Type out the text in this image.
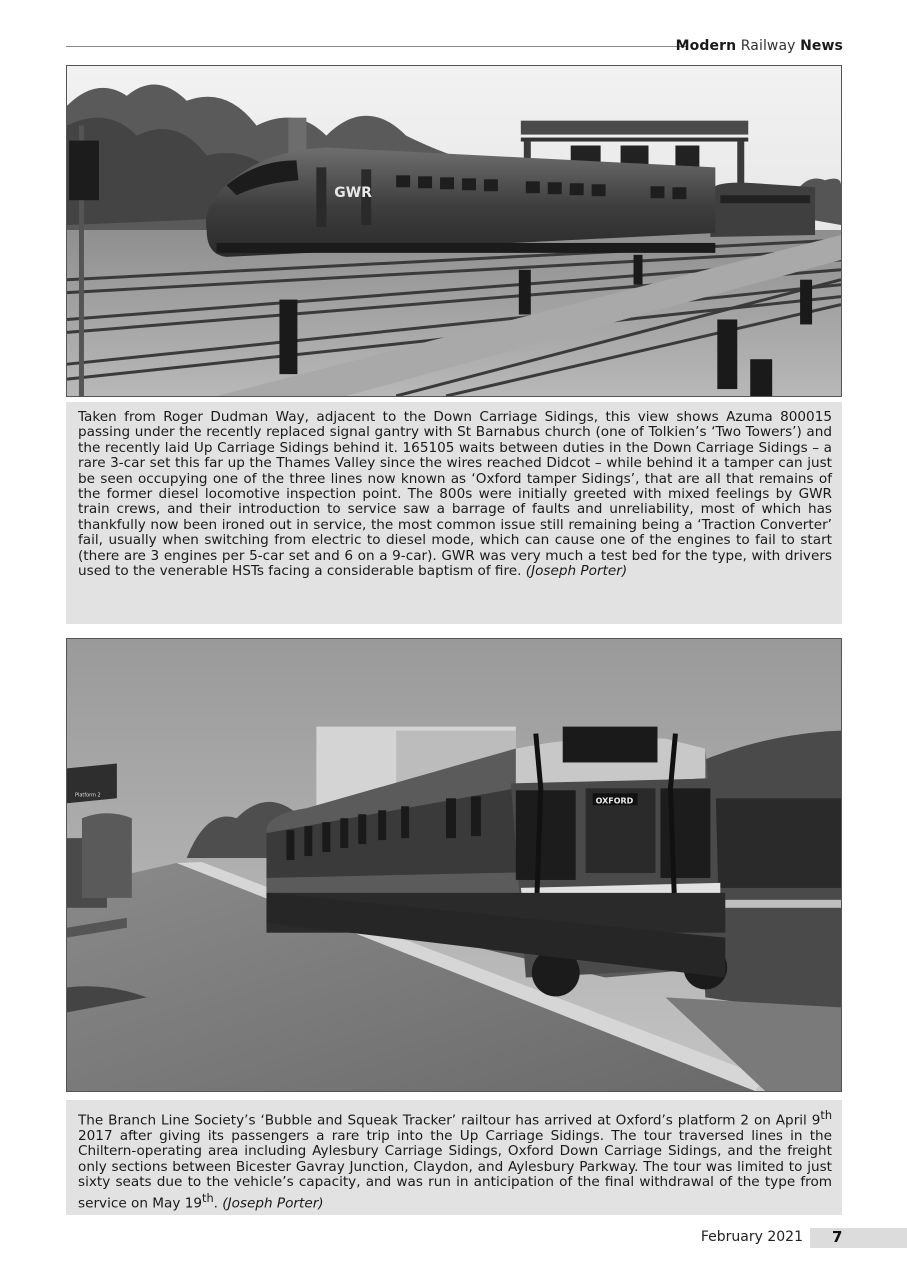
Modern Railway News
GWR
Taken from Roger Dudman Way, adjacent to the Down Carriage Sidings, this view shows Azuma 800015 passing under the recently replaced signal gantry with St Barnabus church (one of Tolkien’s ‘Two Towers’) and the recently laid Up Carriage Sidings behind it. 165105 waits between duties in the Down Carriage Sidings – a rare 3-car set this far up the Thames Valley since the wires reached Didcot – while behind it a tamper can just be seen occupying one of the three lines now known as ‘Oxford tamper Sidings’, that are all that remains of the former diesel locomotive inspection point. The 800s were initially greeted with mixed feelings by GWR train crews, and their introduction to service saw a barrage of faults and unreliability, most of which has thankfully now been ironed out in service, the most common issue still remaining being a ‘Traction Converter’ fail, usually when switching from electric to diesel mode, which can cause one of the engines to fail to start (there are 3 engines per 5-car set and 6 on a 9-car). GWR was very much a test bed for the type, with drivers used to the venerable HSTs facing a considerable baptism of fire. (Joseph Porter)
Platform 2
OXFORD
The Branch Line Society’s ‘Bubble and Squeak Tracker’ railtour has arrived at Oxford’s platform 2 on April 9th 2017 after giving its passengers a rare trip into the Up Carriage Sidings. The tour traversed lines in the Chiltern-operating area including Aylesbury Carriage Sidings, Oxford Down Carriage Sidings, and the freight only sections between Bicester Gavray Junction, Claydon, and Aylesbury Parkway. The tour was limited to just sixty seats due to the vehicle’s capacity, and was run in anticipation of the final withdrawal of the type from service on May 19th. (Joseph Porter)
February 2021 7
